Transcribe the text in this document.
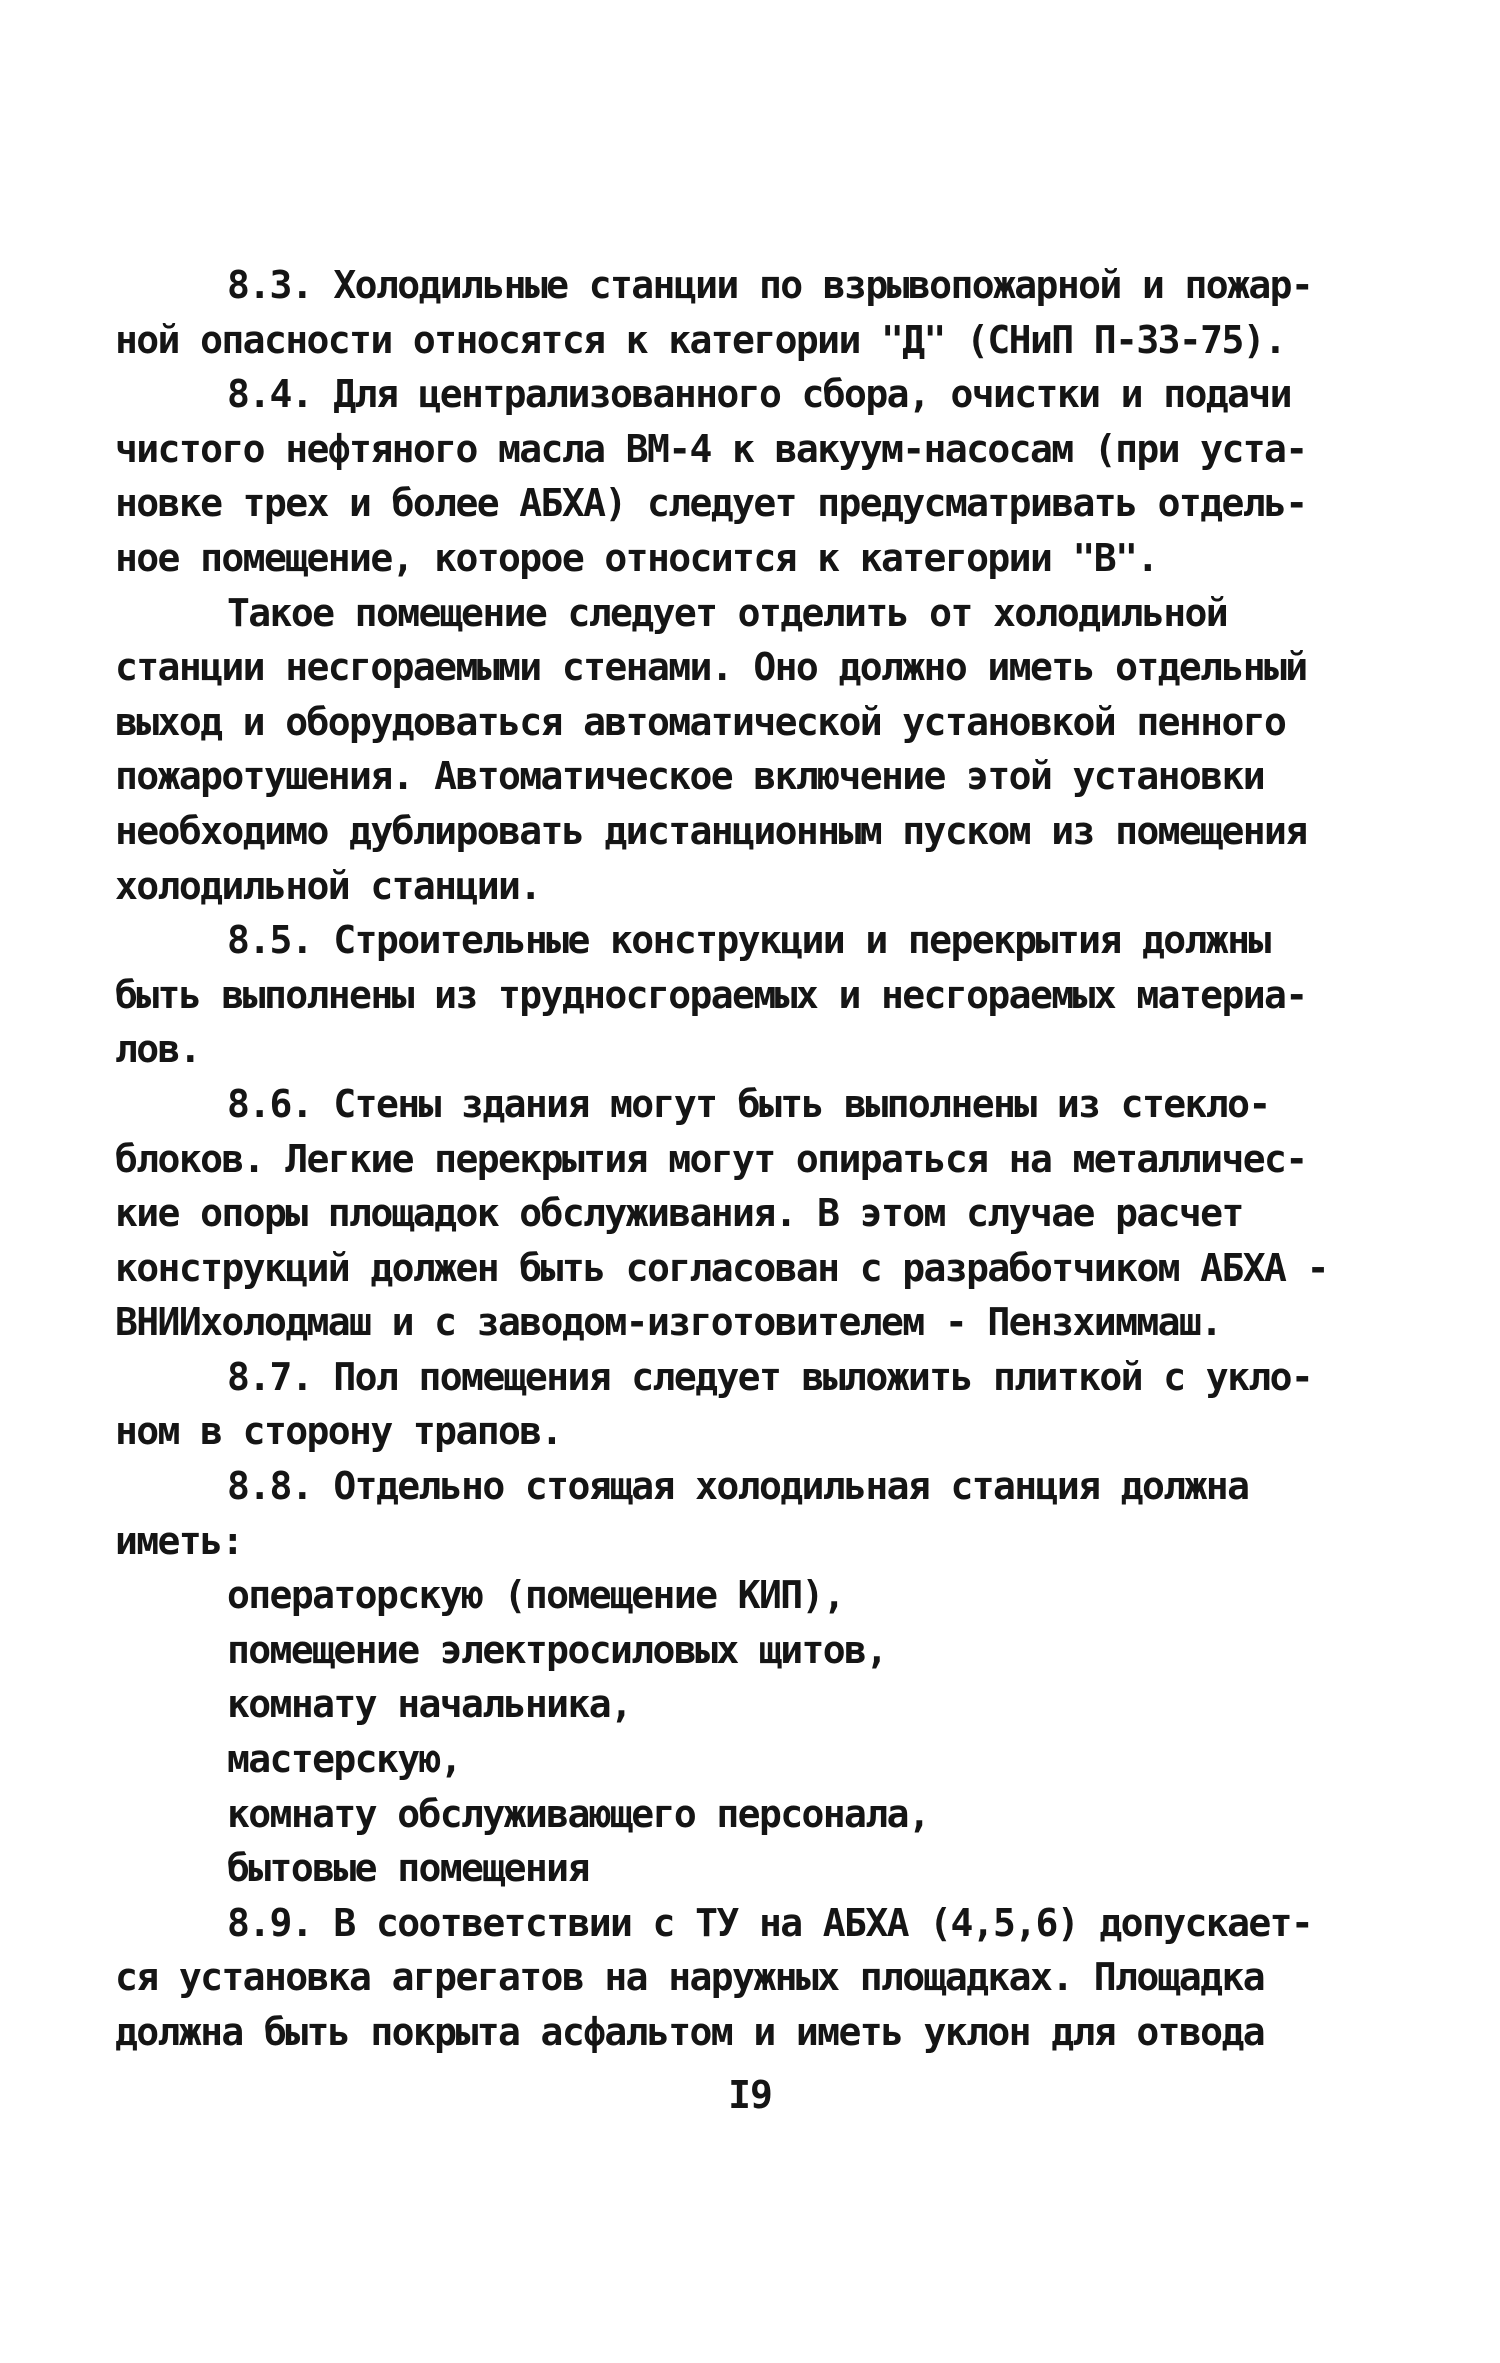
8.3. Холодильные станции по взрывопожарной и пожар-
ной опасности относятся к категории "Д" (СНиП П-33-75).
8.4. Для централизованного сбора, очистки и подачи
чистого нефтяного масла ВМ-4 к вакуум-насосам (при уста-
новке трех и более АБХА) следует предусматривать отдель-
ное помещение, которое относится к категории "В".
Такое помещение следует отделить от холодильной
станции несгораемыми стенами. Оно должно иметь отдельный
выход и оборудоваться автоматической установкой пенного
пожаротушения. Автоматическое включение этой установки
необходимо дублировать дистанционным пуском из помещения
холодильной станции.
8.5. Строительные конструкции и перекрытия должны
быть выполнены из трудносгораемых и несгораемых материа-
лов.
8.6. Стены здания могут быть выполнены из стекло-
блоков. Легкие перекрытия могут опираться на металличес-
кие опоры площадок обслуживания. В этом случае расчет
конструкций должен быть согласован с разработчиком АБХА -
ВНИИхолодмаш и с заводом-изготовителем - Пензхиммаш.
8.7. Пол помещения следует выложить плиткой с укло-
ном в сторону трапов.
8.8. Отдельно стоящая холодильная станция должна
иметь:
операторскую (помещение КИП),
помещение электросиловых щитов,
комнату начальника,
мастерскую,
комнату обслуживающего персонала,
бытовые помещения
8.9. В соответствии с ТУ на АБХА (4,5,6) допускает-
ся установка агрегатов на наружных площадках. Площадка
должна быть покрыта асфальтом и иметь уклон для отвода
I9
